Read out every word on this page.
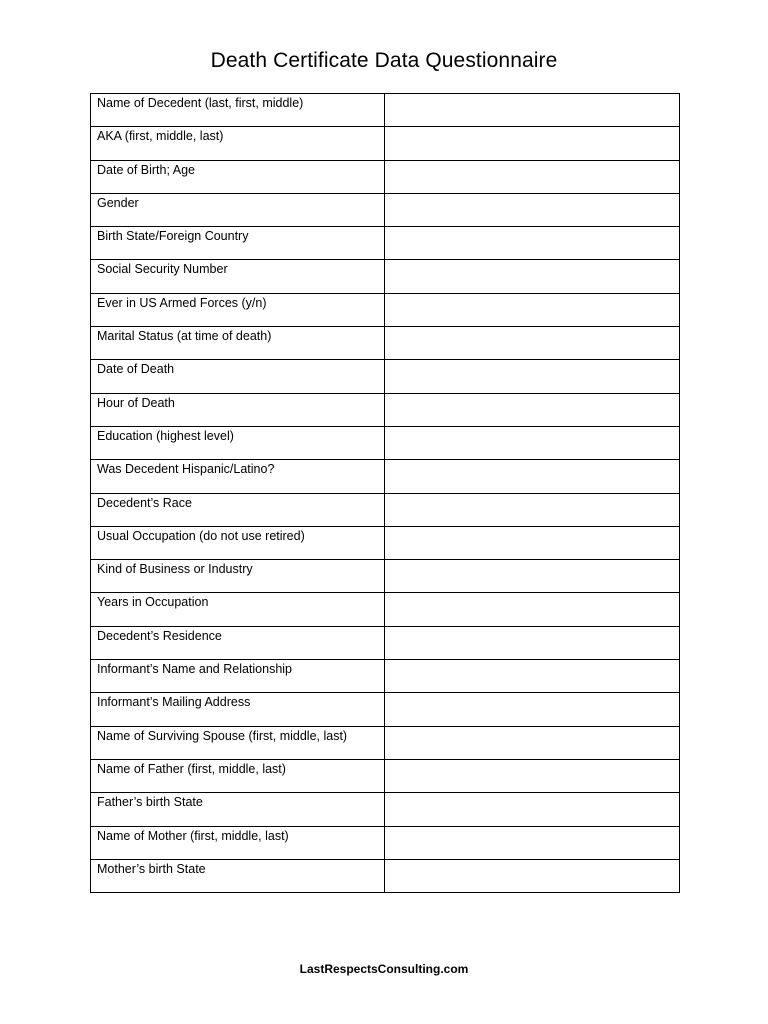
Death Certificate Data Questionnaire
Name of Decedent (last, first, middle)	
AKA (first, middle, last)	
Date of Birth; Age	
Gender	
Birth State/Foreign Country	
Social Security Number	
Ever in US Armed Forces (y/n)	
Marital Status (at time of death)	
Date of Death	
Hour of Death	
Education (highest level)	
Was Decedent Hispanic/Latino?	
Decedent’s Race	
Usual Occupation (do not use retired)	
Kind of Business or Industry	
Years in Occupation	
Decedent’s Residence	
Informant’s Name and Relationship	
Informant’s Mailing Address	
Name of Surviving Spouse (first, middle, last)	
Name of Father (first, middle, last)	
Father’s birth State	
Name of Mother (first, middle, last)	
Mother’s birth State	
LastRespectsConsulting.com
